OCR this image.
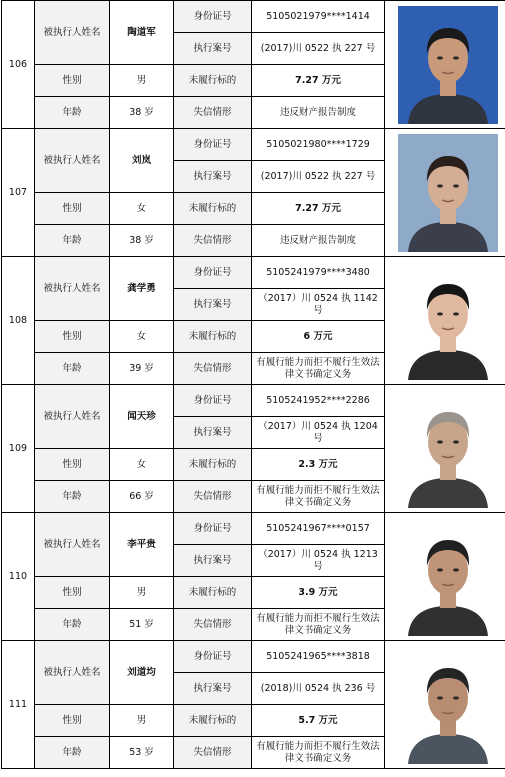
106	被执行人姓名	陶道军	身份证号	5105021979****1414	

			执行案号	(2017)川 0522 执 227 号	
	性别	男	未履行标的	7.27 万元	
	年龄	38 岁	失信情形	违反财产报告制度	
107	被执行人姓名	刘岚	身份证号	5105021980****1729	

			执行案号	(2017)川 0522 执 227 号	
	性别	女	未履行标的	7.27 万元	
	年龄	38 岁	失信情形	违反财产报告制度	
108	被执行人姓名	龚学勇	身份证号	5105241979****3480	

			执行案号	（2017）川 0524 执 1142 号	
	性别	女	未履行标的	6 万元	
	年龄	39 岁	失信情形	有履行能力而拒不履行生效法律文书确定义务	
109	被执行人姓名	闻天珍	身份证号	5105241952****2286	

			执行案号	（2017）川 0524 执 1204 号	
	性别	女	未履行标的	2.3 万元	
	年龄	66 岁	失信情形	有履行能力而拒不履行生效法律文书确定义务	
110	被执行人姓名	李平贵	身份证号	5105241967****0157	

			执行案号	（2017）川 0524 执 1213 号	
	性别	男	未履行标的	3.9 万元	
	年龄	51 岁	失信情形	有履行能力而拒不履行生效法律文书确定义务	
111	被执行人姓名	刘道均	身份证号	5105241965****3818	

			执行案号	(2018)川 0524 执 236 号	
	性别	男	未履行标的	5.7 万元	
	年龄	53 岁	失信情形	有履行能力而拒不履行生效法律文书确定义务	
